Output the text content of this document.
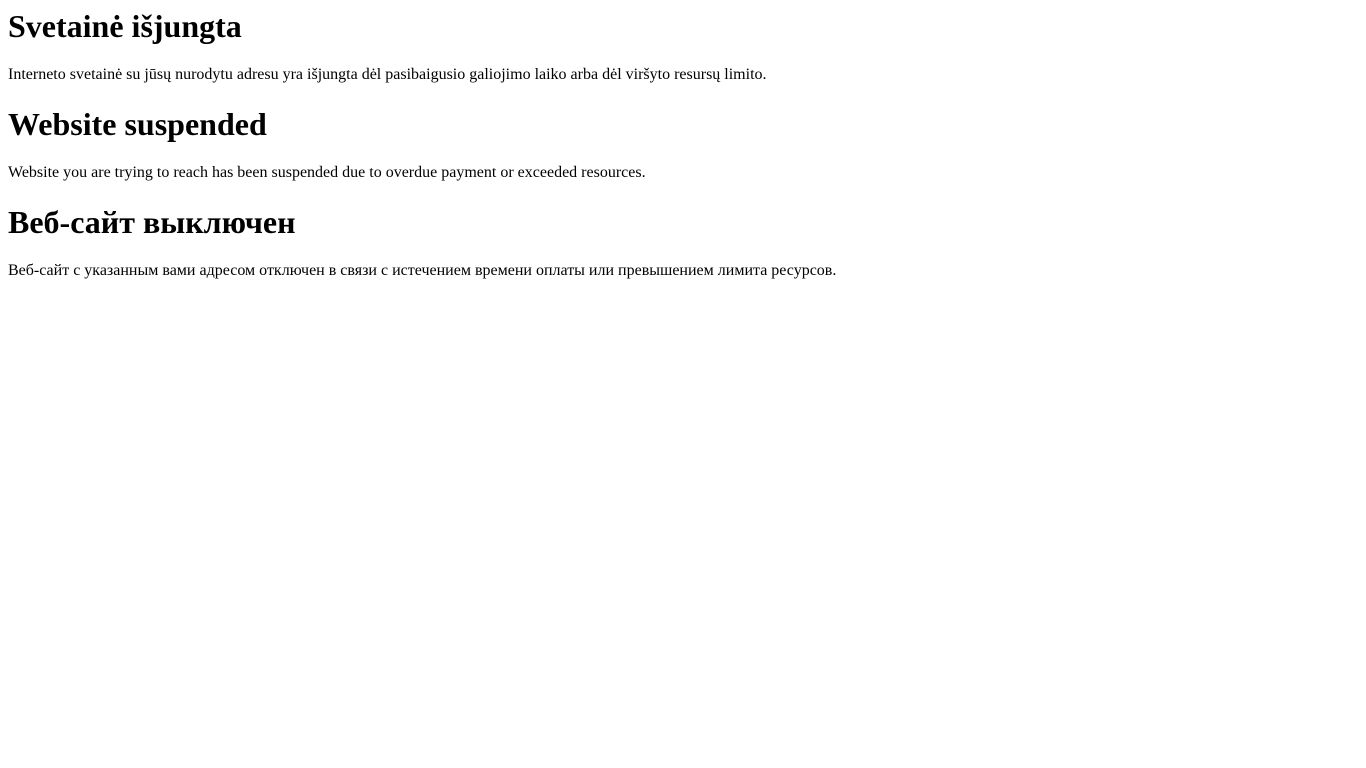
Svetainė išjungta

Interneto svetainė su jūsų nurodytu adresu yra išjungta dėl pasibaigusio galiojimo laiko arba dėl viršyto resursų limito.

Website suspended

Website you are trying to reach has been suspended due to overdue payment or exceeded resources.

Веб-сайт выключен

Веб-сайт с указанным вами адресом отключен в связи с истечением времени оплаты или превышением лимита ресурсов.
